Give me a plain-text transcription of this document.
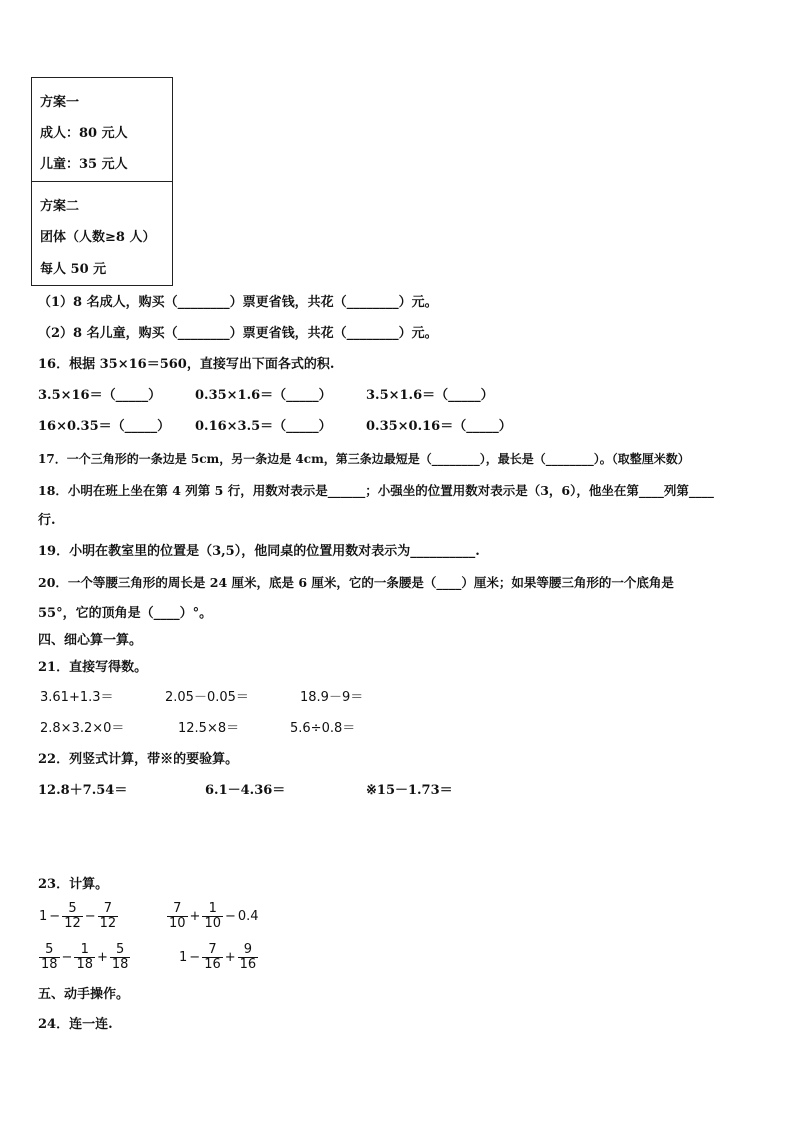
方案一
成人：80 元人
儿童：35 元人
方案二
团体（人数≥8 人）
每人 50 元
（1）8 名成人，购买（________）票更省钱，共花（________）元。
（2）8 名儿童，购买（________）票更省钱，共花（________）元。
16．根据 35×16＝560，直接写出下面各式的积.
3.5×16＝（_____）	0.35×1.6＝（_____）	3.5×1.6＝（_____）
16×0.35＝（_____） 0.16×3.5＝（_____）	0.35×0.16＝（_____）
17．一个三角形的一条边是 5cm，另一条边是 4cm，第三条边最短是（________），最长是（________）。（取整厘米数）
18．小明在班上坐在第 4 列第 5 行，用数对表示是______；小强坐的位置用数对表示是（3，6），他坐在第____列第____
行.
19．小明在教室里的位置是（3,5），他同桌的位置用数对表示为__________.
20．一个等腰三角形的周长是 24 厘米，底是 6 厘米，它的一条腰是（____）厘米；如果等腰三角形的一个底角是
55°，它的顶角是（____）°。
四、细心算一算。
21．直接写得数。
3.61+1.3＝	2.05－0.05＝	18.9－9＝
2.8×3.2×0＝	12.5×8＝	5.6÷0.8＝
22．列竖式计算，带※的要验算。
12.8＋7.54＝	6.1－4.36＝	※15－1.73＝
23．计算。
$1 - \frac{5}{12} - \frac{7}{12}$	$\frac{7}{10} + \frac{1}{10} - 0.4$
$\frac{5}{18} - \frac{1}{18} + \frac{5}{18}$	$1 - \frac{7}{16} + \frac{9}{16}$
五、动手操作。
24．连一连.
